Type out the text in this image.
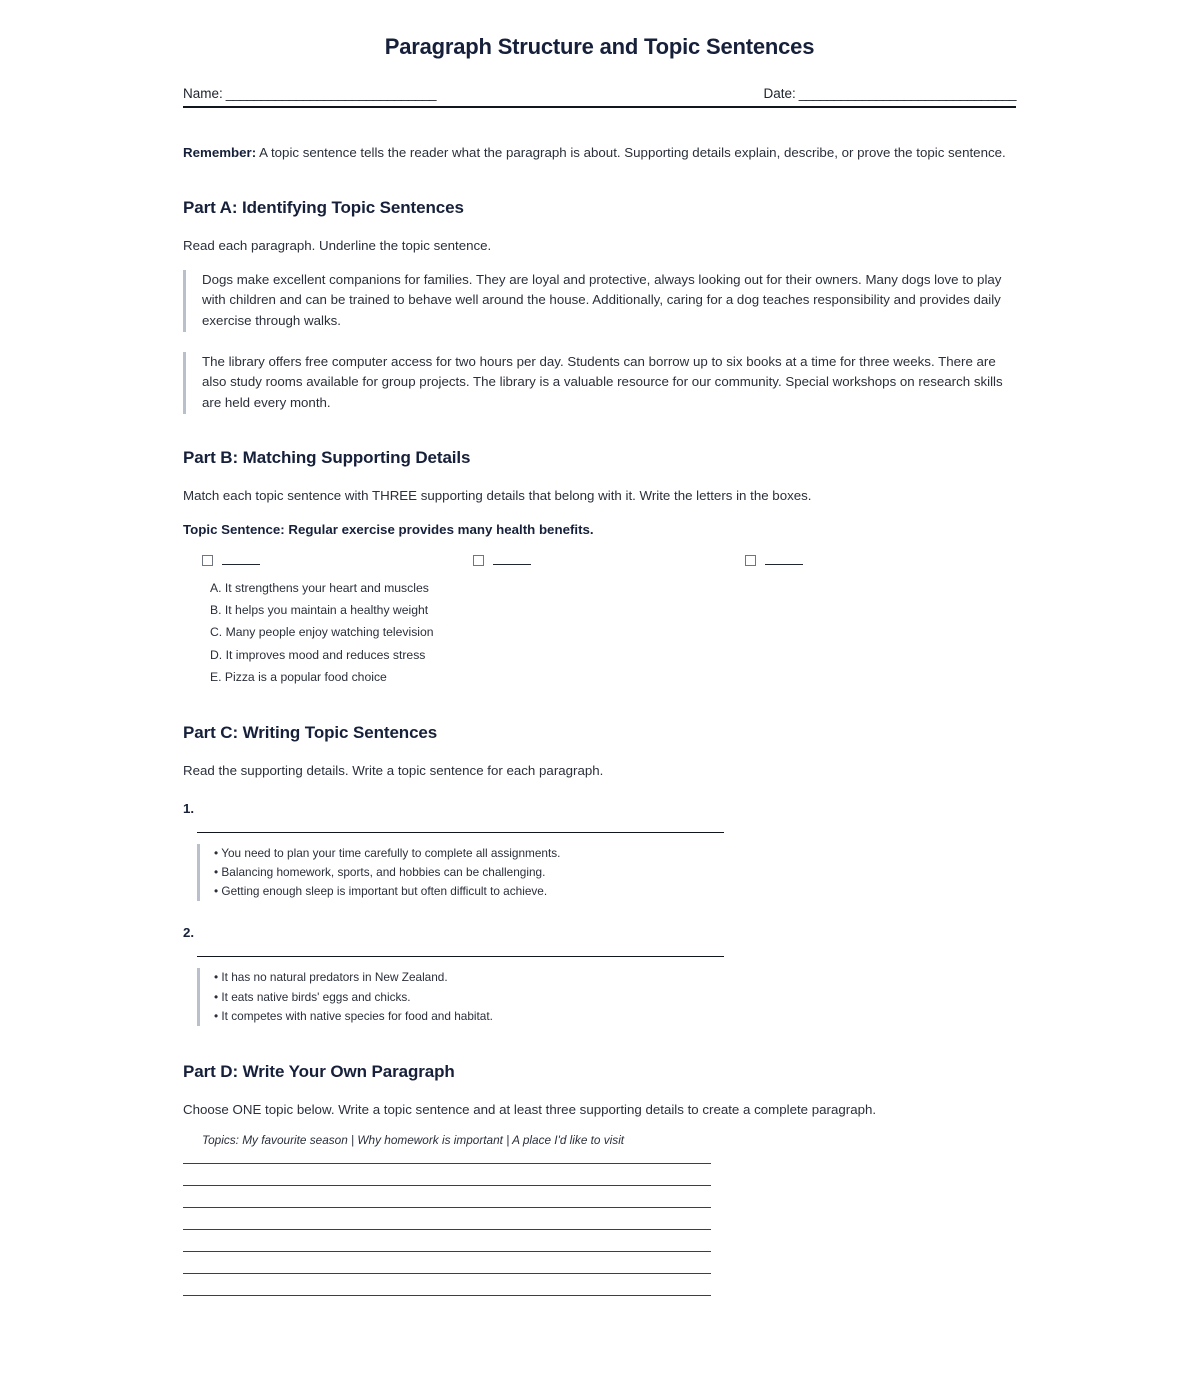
Paragraph Structure and Topic Sentences
Name: ______________________________	Date: _______________________________

Remember: A topic sentence tells the reader what the paragraph is about. Supporting details explain, describe, or prove the topic sentence.

Part A: Identifying Topic Sentences

Read each paragraph. Underline the topic sentence.

Dogs make excellent companions for families. They are loyal and protective, always looking out for their owners. Many dogs love to play with children and can be trained to behave well around the house. Additionally, caring for a dog teaches responsibility and provides daily exercise through walks.
The library offers free computer access for two hours per day. Students can borrow up to six books at a time for three weeks. There are also study rooms available for group projects. The library is a valuable resource for our community. Special workshops on research skills are held every month.
Part B: Matching Supporting Details

Match each topic sentence with THREE supporting details that belong with it. Write the letters in the boxes.

Topic Sentence: Regular exercise provides many health benefits.

A. It strengthens your heart and muscles
B. It helps you maintain a healthy weight
C. Many people enjoy watching television
D. It improves mood and reduces stress
E. Pizza is a popular food choice
Part C: Writing Topic Sentences

Read the supporting details. Write a topic sentence for each paragraph.

1.
• You need to plan your time carefully to complete all assignments.
• Balancing homework, sports, and hobbies can be challenging.
• Getting enough sleep is important but often difficult to achieve.
2.
• It has no natural predators in New Zealand.
• It eats native birds' eggs and chicks.
• It competes with native species for food and habitat.
Part D: Write Your Own Paragraph

Choose ONE topic below. Write a topic sentence and at least three supporting details to create a complete paragraph.

Topics: My favourite season | Why homework is important | A place I'd like to visit
